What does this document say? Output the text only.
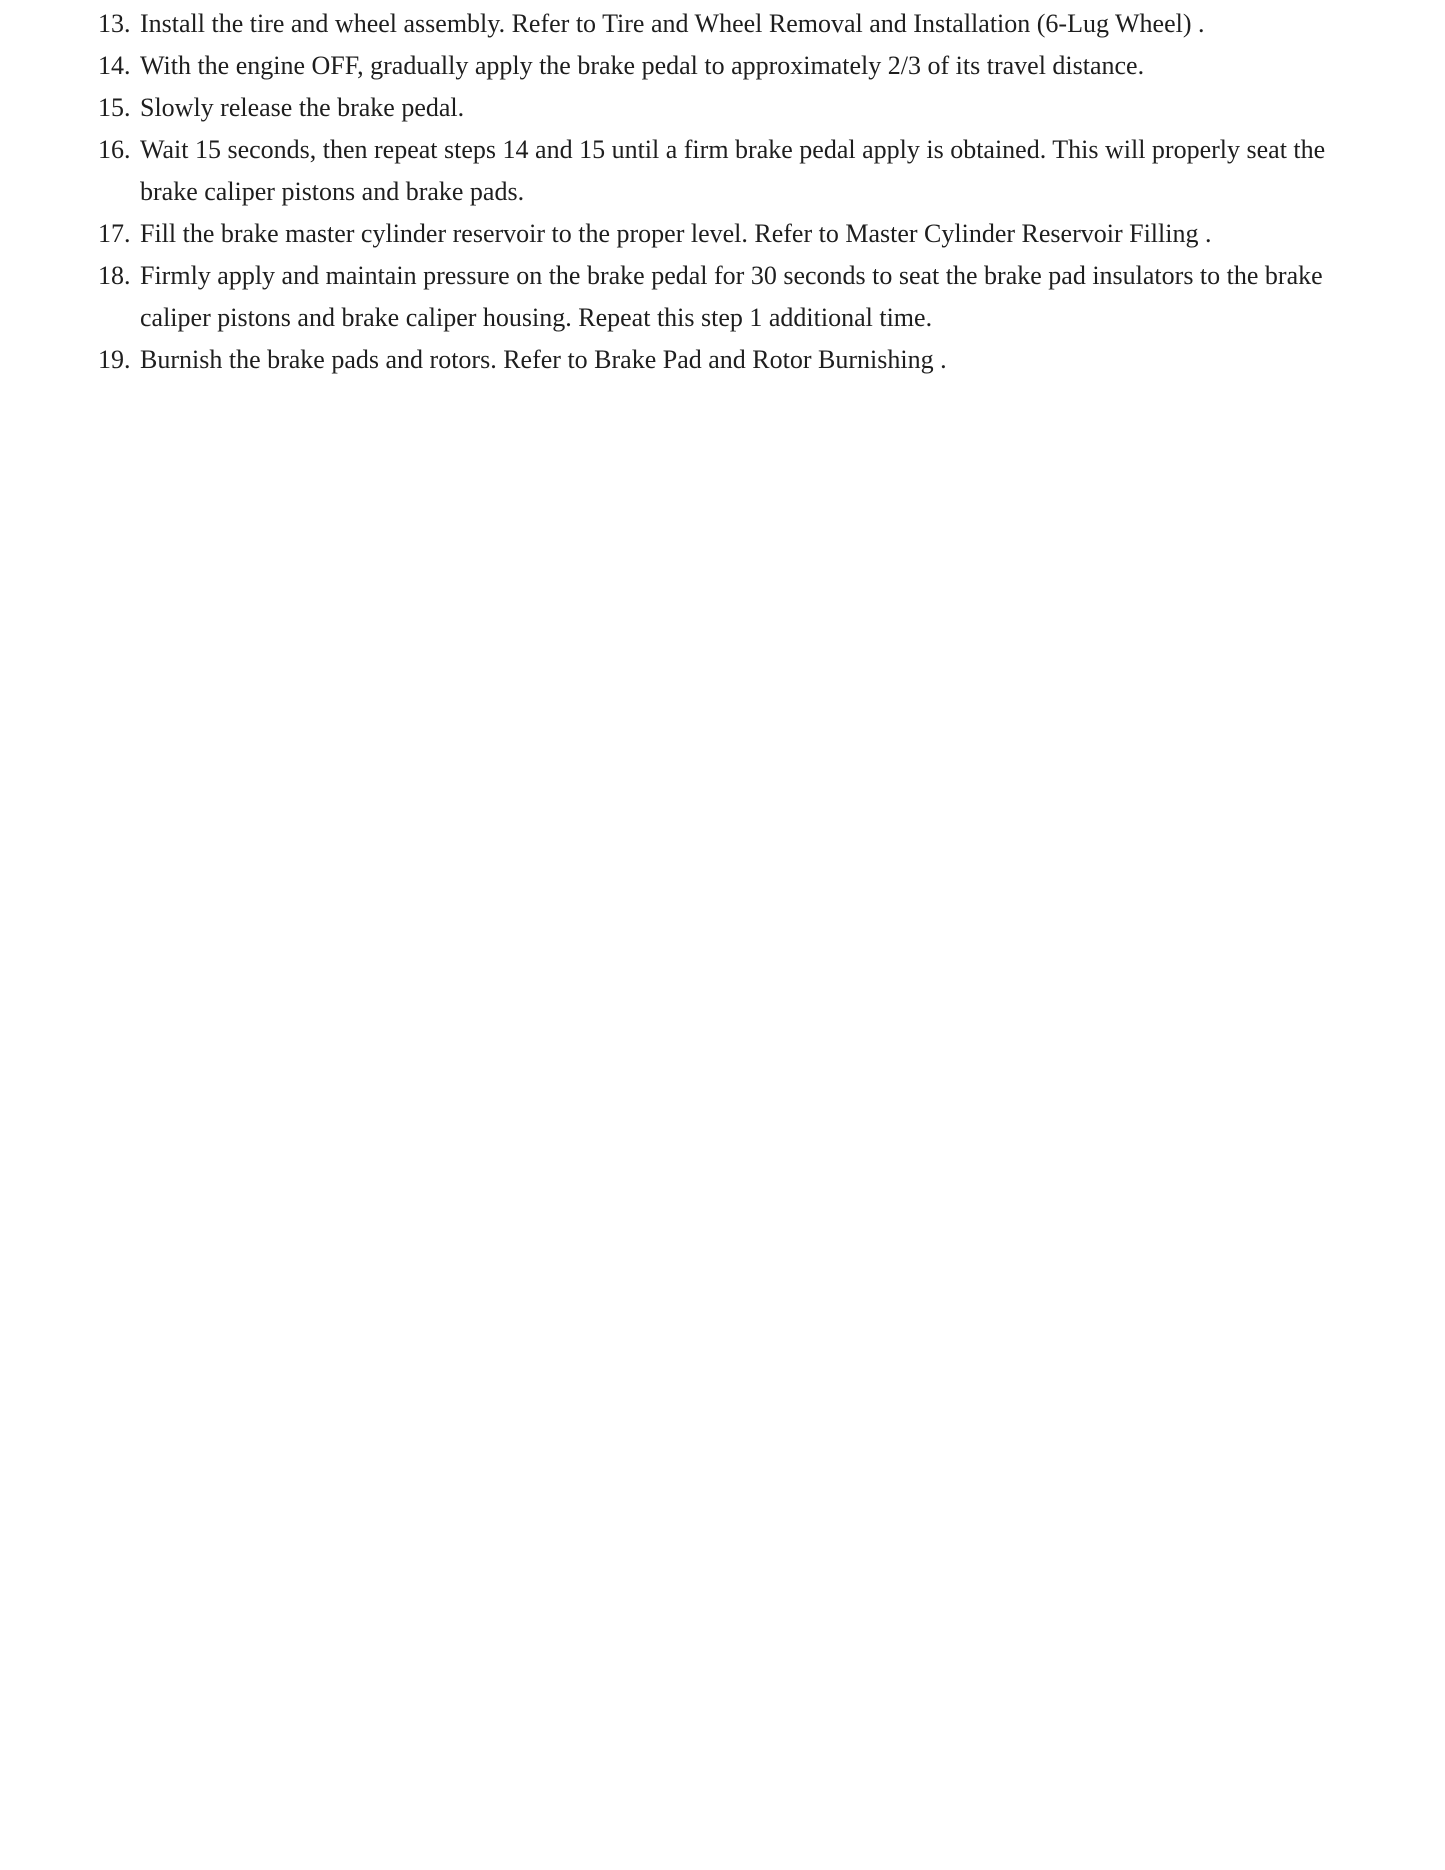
13. Install the tire and wheel assembly. Refer to Tire and Wheel Removal and Installation (6-Lug Wheel) .
14. With the engine OFF, gradually apply the brake pedal to approximately 2/3 of its travel distance.
15. Slowly release the brake pedal.
16. Wait 15 seconds, then repeat steps 14 and 15 until a firm brake pedal apply is obtained. This will properly seat the brake caliper pistons and brake pads.
17. Fill the brake master cylinder reservoir to the proper level. Refer to Master Cylinder Reservoir Filling .
18. Firmly apply and maintain pressure on the brake pedal for 30 seconds to seat the brake pad insulators to the brake caliper pistons and brake caliper housing. Repeat this step 1 additional time.
19. Burnish the brake pads and rotors. Refer to Brake Pad and Rotor Burnishing .
